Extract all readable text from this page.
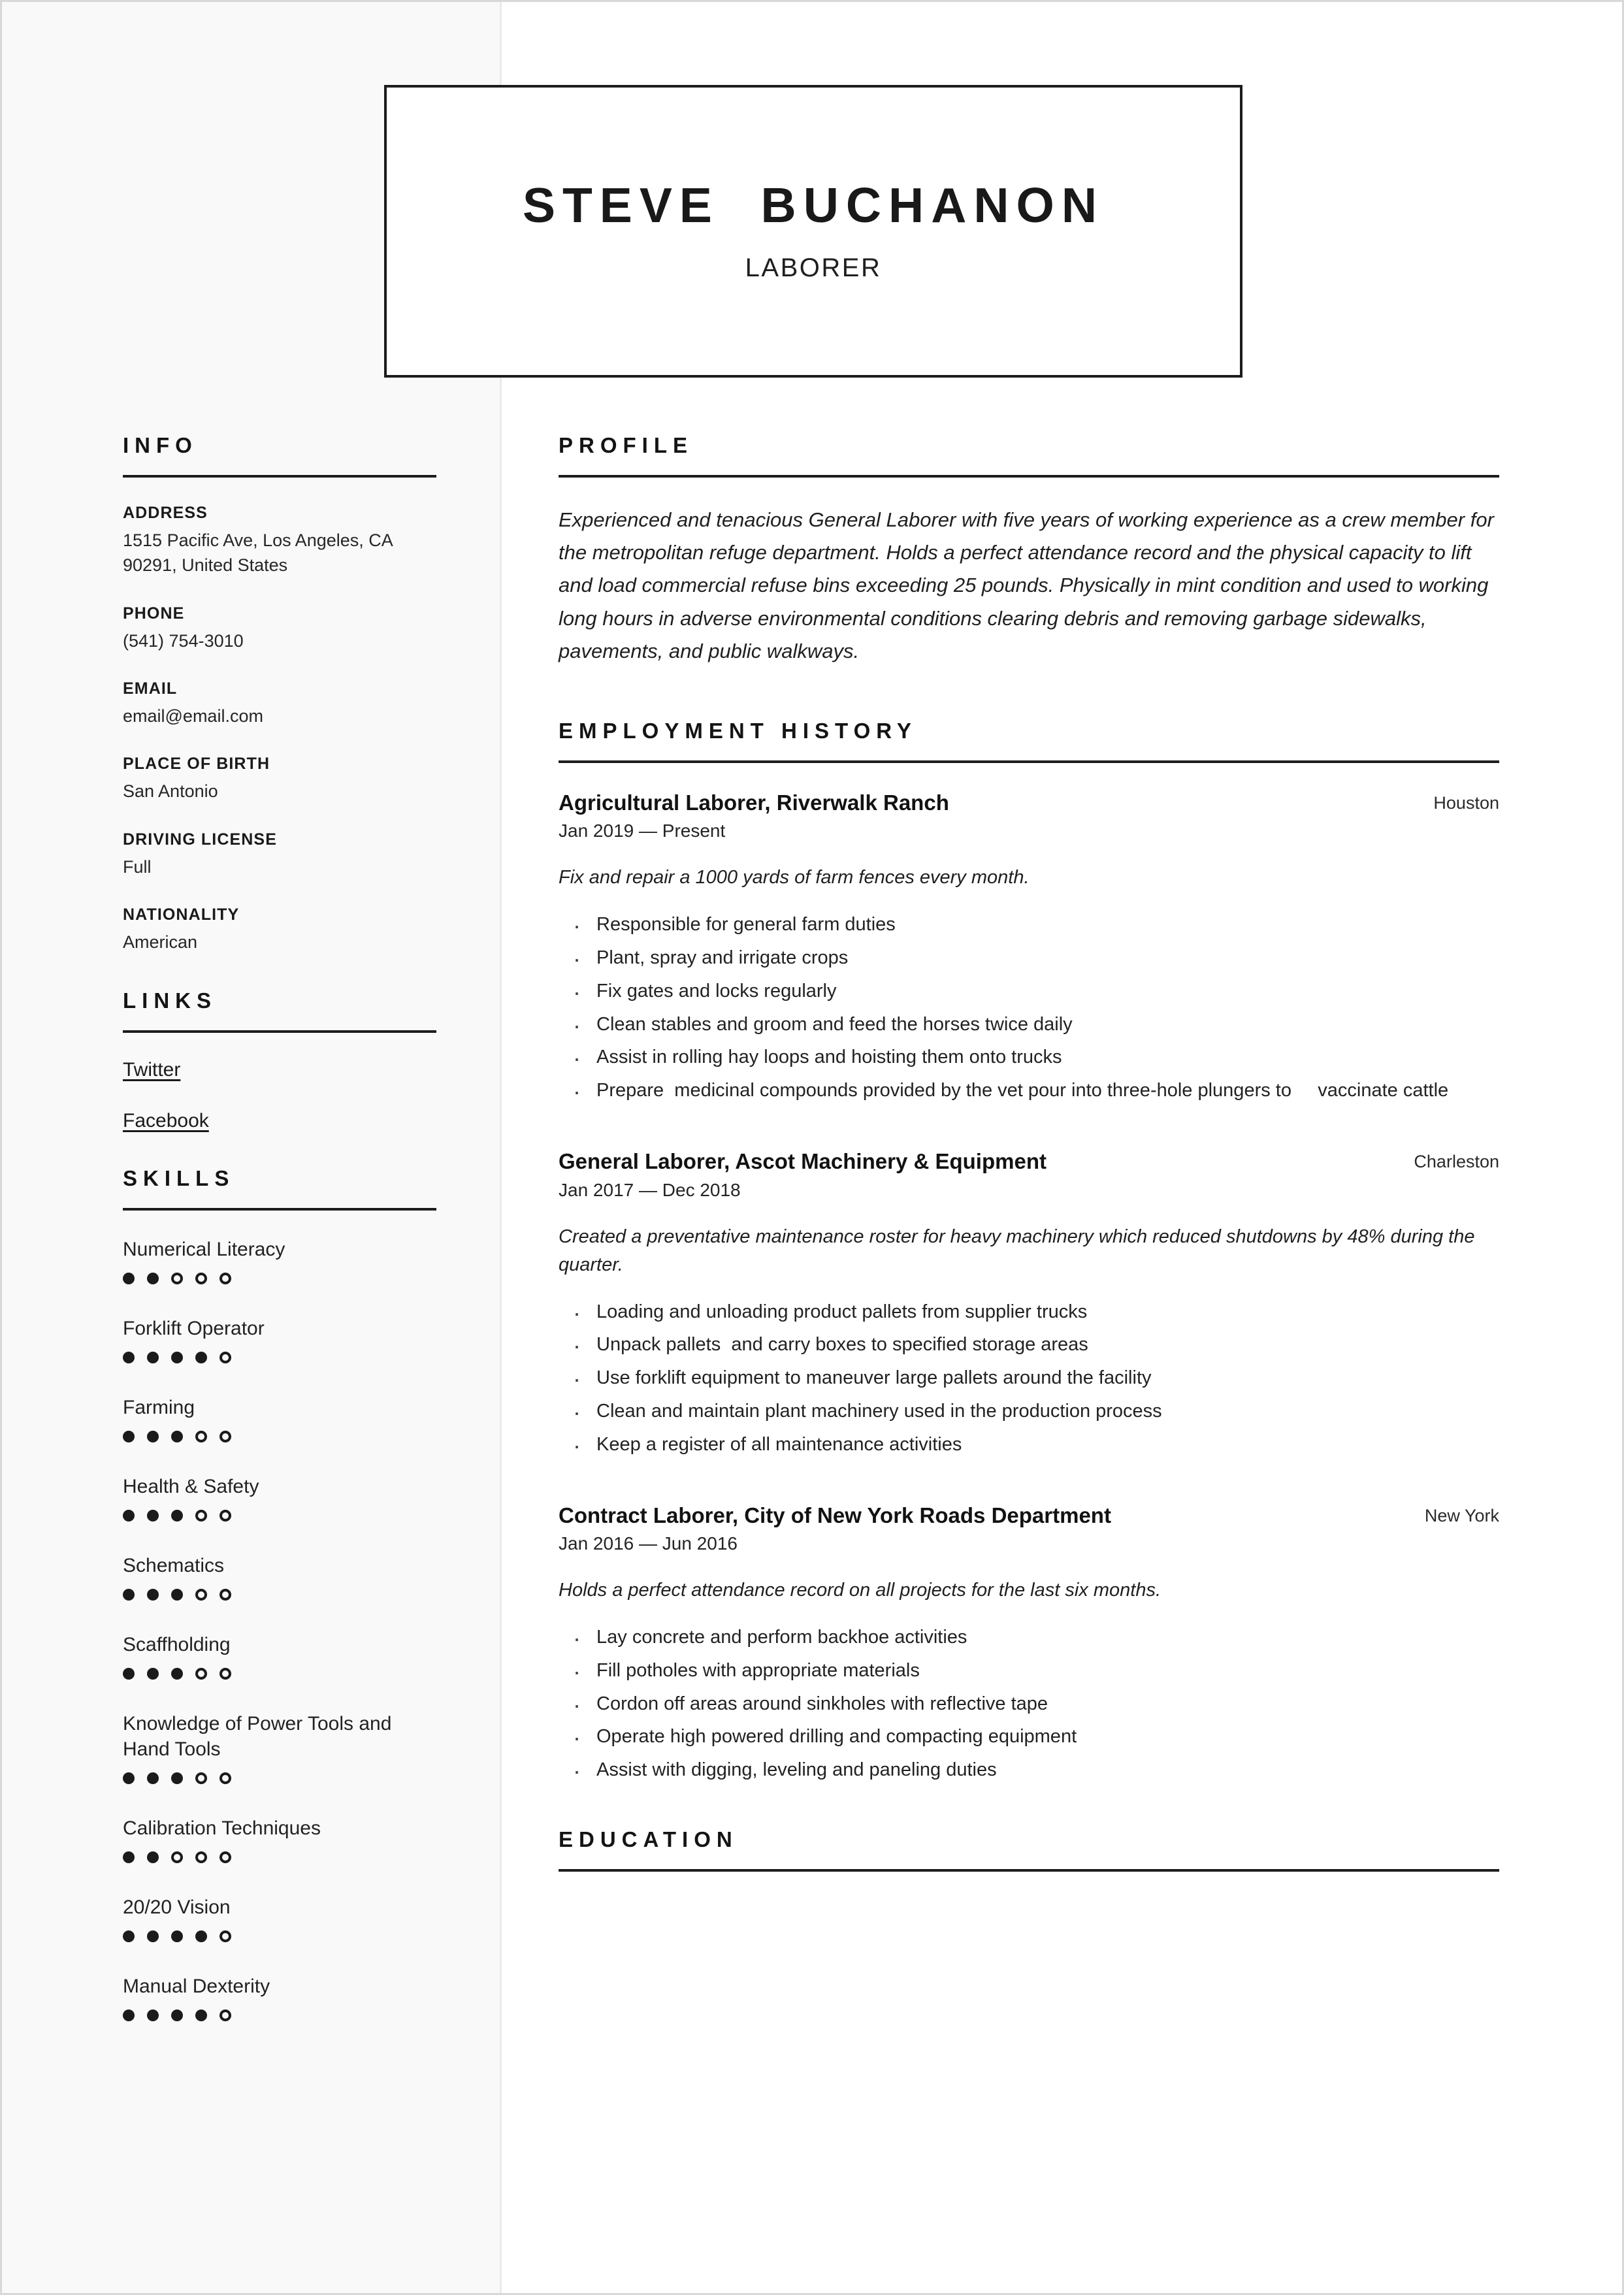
STEVE  BUCHANON
LABORER
INFO

ADDRESS

1515 Pacific Ave, Los Angeles, CA 90291, United States

PHONE

(541) 754-3010

EMAIL

email@email.com

PLACE OF BIRTH

San Antonio

DRIVING LICENSE

Full

NATIONALITY

American

LINKS
Twitter
Facebook
SKILLS

Numerical Literacy

Forklift Operator

Farming

Health & Safety

Schematics

Scaffholding

Knowledge of Power Tools and Hand Tools

Calibration Techniques

20/20 Vision

Manual Dexterity

PROFILE

Experienced and tenacious General Laborer with five years of working experience as a crew member for the metropolitan refuge department. Holds a perfect attendance record and the physical capacity to lift and load commercial refuse bins exceeding 25 pounds. Physically in mint condition and used to working long hours in adverse environmental conditions clearing debris and removing garbage sidewalks, pavements, and public walkways.

EMPLOYMENT HISTORY

Agricultural Laborer, Riverwalk Ranch	Houston

Jan 2019 — Present

Fix and repair a 1000 yards of farm fences every month.

· Responsible for general farm duties
· Plant, spray and irrigate crops
· Fix gates and locks regularly
· Clean stables and groom and feed the horses twice daily
· Assist in rolling hay loops and hoisting them onto trucks
· Prepare  medicinal compounds provided by the vet pour into three-hole plungers to     vaccinate cattle

General Laborer, Ascot Machinery & Equipment	Charleston

Jan 2017 — Dec 2018

Created a preventative maintenance roster for heavy machinery which reduced shutdowns by 48% during the quarter.

· Loading and unloading product pallets from supplier trucks
· Unpack pallets  and carry boxes to specified storage areas
· Use forklift equipment to maneuver large pallets around the facility
· Clean and maintain plant machinery used in the production process
· Keep a register of all maintenance activities

Contract Laborer, City of New York Roads Department	New York

Jan 2016 — Jun 2016

Holds a perfect attendance record on all projects for the last six months.

· Lay concrete and perform backhoe activities
· Fill potholes with appropriate materials
· Cordon off areas around sinkholes with reflective tape
· Operate high powered drilling and compacting equipment
· Assist with digging, leveling and paneling duties
EDUCATION
